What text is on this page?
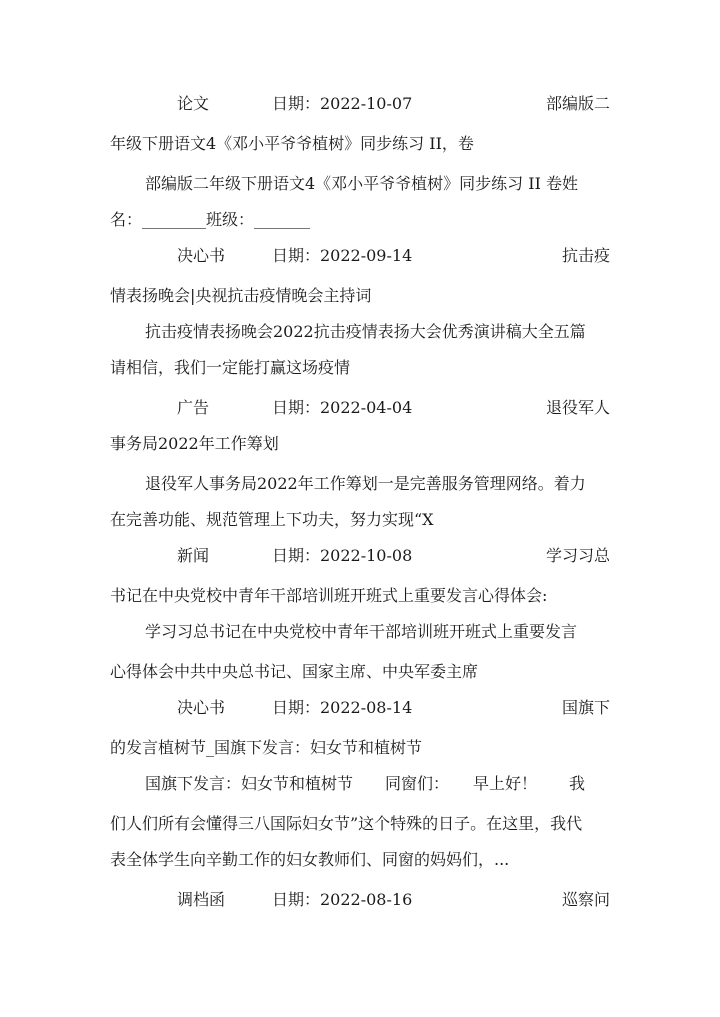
论文	日期：2022-10-07	部编版二
年级下册语文4《邓小平爷爷植树》同步练习 II，卷
部编版二年级下册语文4《邓小平爷爷植树》同步练习 II 卷姓
名：________班级：_______
决心书	日期：2022-09-14	抗击疫
情表扬晚会|央视抗击疫情晚会主持词
抗击疫情表扬晚会2022抗击疫情表扬大会优秀演讲稿大全五篇
请相信，我们一定能打赢这场疫情
广告	日期：2022-04-04	退役军人
事务局2022年工作筹划
退役军人事务局2022年工作筹划一是完善服务管理网络。着力
在完善功能、规范管理上下功夫，努力实现“X
新闻	日期：2022-10-08	学习习总
书记在中央党校中青年干部培训班开班式上重要发言心得体会:
学习习总书记在中央党校中青年干部培训班开班式上重要发言
心得体会中共中央总书记、国家主席、中央军委主席
决心书	日期：2022-08-14	国旗下
的发言植树节_国旗下发言：妇女节和植树节
国旗下发言：妇女节和植树节　　同窗们：　　早上好！　　我
们人们所有会懂得三八国际妇女节”这个特殊的日子。在这里，我代
表全体学生向辛勤工作的妇女教师们、同窗的妈妈们，...
调档函	日期：2022-08-16	巡察问
